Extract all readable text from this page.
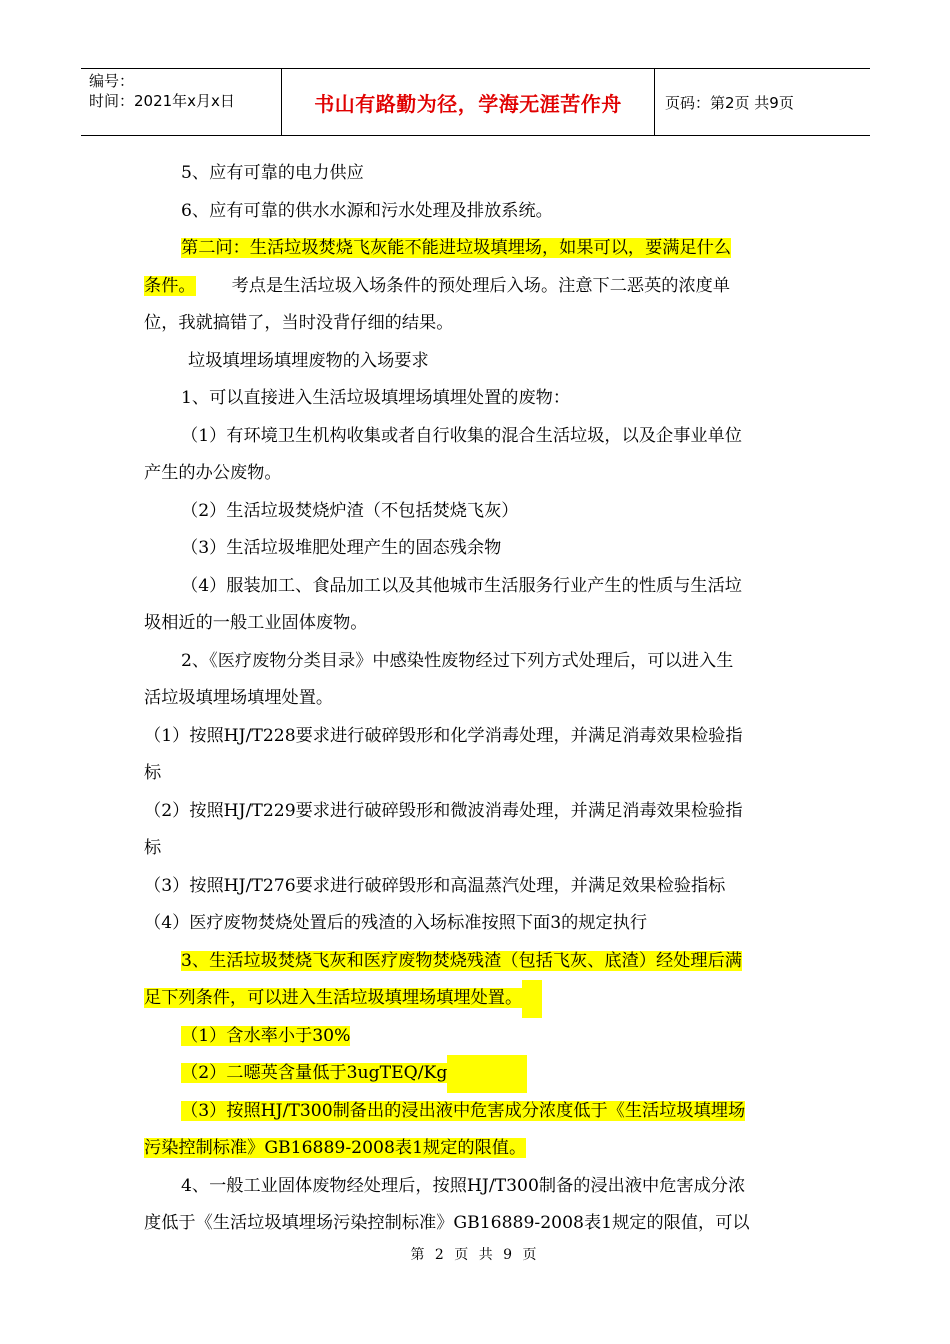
编号：
时间：2021年x月x日	书山有路勤为径，学海无涯苦作舟	页码：第2页 共9页
5、应有可靠的电力供应
6、应有可靠的供水水源和污水处理及排放系统。
第二问：生活垃圾焚烧飞灰能不能进垃圾填埋场，如果可以，要满足什么
条件。 考点是生活垃圾入场条件的预处理后入场。注意下二恶英的浓度单
位，我就搞错了，当时没背仔细的结果。
垃圾填埋场填埋废物的入场要求
1、可以直接进入生活垃圾填埋场填埋处置的废物：
（1）有环境卫生机构收集或者自行收集的混合生活垃圾，以及企事业单位
产生的办公废物。
（2）生活垃圾焚烧炉渣（不包括焚烧飞灰）
（3）生活垃圾堆肥处理产生的固态残余物
（4）服装加工、食品加工以及其他城市生活服务行业产生的性质与生活垃
圾相近的一般工业固体废物。
2、《医疗废物分类目录》中感染性废物经过下列方式处理后，可以进入生
活垃圾填埋场填埋处置。
（1）按照HJ/T228要求进行破碎毁形和化学消毒处理，并满足消毒效果检验指
标
（2）按照HJ/T229要求进行破碎毁形和微波消毒处理，并满足消毒效果检验指
标
（3）按照HJ/T276要求进行破碎毁形和高温蒸汽处理，并满足效果检验指标
（4）医疗废物焚烧处置后的残渣的入场标准按照下面3的规定执行
3、生活垃圾焚烧飞灰和医疗废物焚烧残渣（包括飞灰、底渣）经处理后满
足下列条件，可以进入生活垃圾填埋场填埋处置。
（1）含水率小于30%
（2）二噁英含量低于3ugTEQ/Kg
（3）按照HJ/T300制备出的浸出液中危害成分浓度低于《生活垃圾填埋场
污染控制标准》GB16889-2008表1规定的限值。
4、一般工业固体废物经处理后，按照HJ/T300制备的浸出液中危害成分浓
度低于《生活垃圾填埋场污染控制标准》GB16889-2008表1规定的限值，可以
第 2 页 共 9 页
